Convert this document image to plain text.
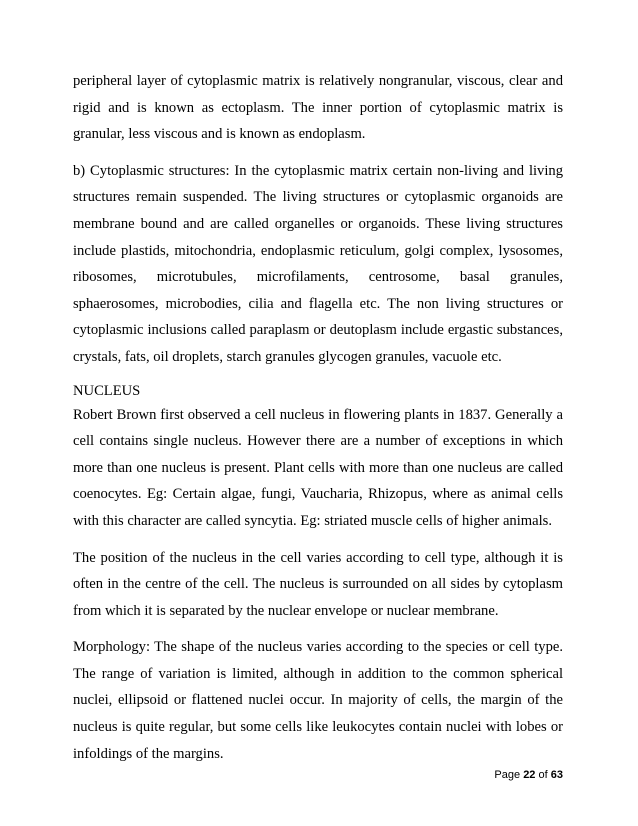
peripheral layer of cytoplasmic matrix is relatively nongranular, viscous, clear and rigid and is known as ectoplasm. The inner portion of cytoplasmic matrix is granular, less viscous and is known as endoplasm.

b) Cytoplasmic structures: In the cytoplasmic matrix certain non-living and living structures remain suspended. The living structures or cytoplasmic organoids are membrane bound and are called organelles or organoids. These living structures include plastids, mitochondria, endoplasmic reticulum, golgi complex, lysosomes, ribosomes, microtubules, microfilaments, centrosome, basal granules, sphaerosomes, microbodies, cilia and flagella etc. The non living structures or cytoplasmic inclusions called paraplasm or deutoplasm include ergastic substances, crystals, fats, oil droplets, starch granules glycogen granules, vacuole etc.

NUCLEUS

Robert Brown first observed a cell nucleus in flowering plants in 1837. Generally a cell contains single nucleus. However there are a number of exceptions in which more than one nucleus is present. Plant cells with more than one nucleus are called coenocytes. Eg: Certain algae, fungi, Vaucharia, Rhizopus, where as animal cells with this character are called syncytia. Eg: striated muscle cells of higher animals.

The position of the nucleus in the cell varies according to cell type, although it is often in the centre of the cell. The nucleus is surrounded on all sides by cytoplasm from which it is separated by the nuclear envelope or nuclear membrane.

Morphology: The shape of the nucleus varies according to the species or cell type. The range of variation is limited, although in addition to the common spherical nuclei, ellipsoid or flattened nuclei occur. In majority of cells, the margin of the nucleus is quite regular, but some cells like leukocytes contain nuclei with lobes or infoldings of the margins.

Page 22 of 63
